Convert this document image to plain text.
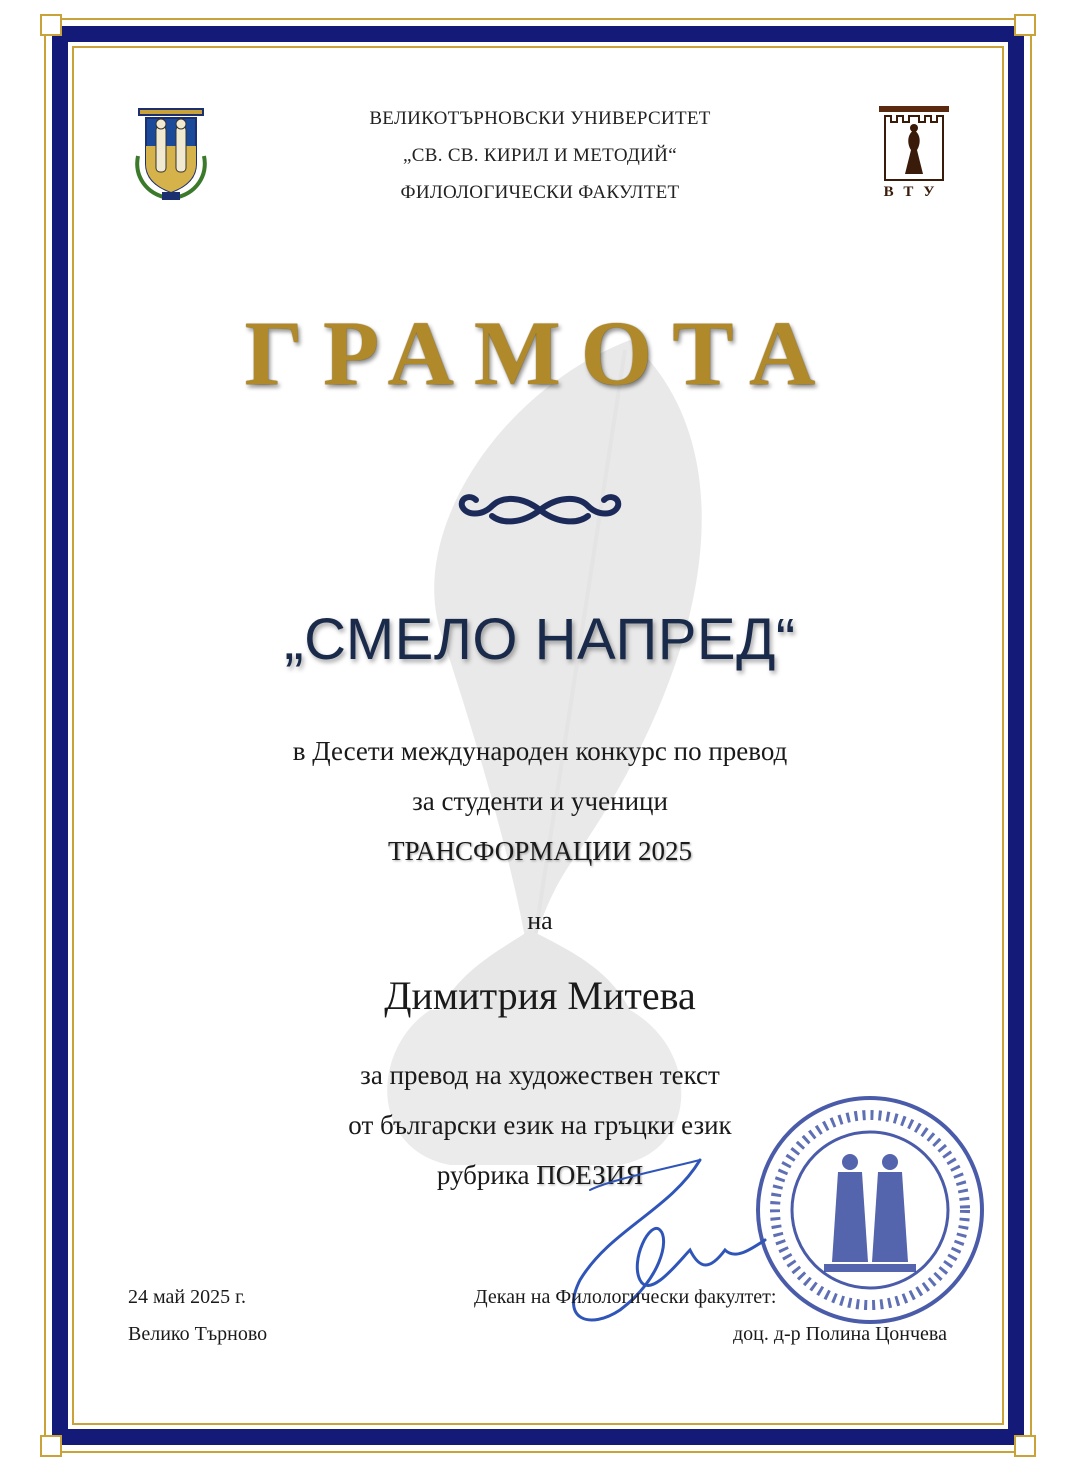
ВЕЛИКОТЪРНОВСКИ УНИВЕРСИТЕТ
„СВ. СВ. КИРИЛ И МЕТОДИЙ“
ФИЛОЛОГИЧЕСКИ ФАКУЛТЕТ	ВТУ
ГРАМОТА
„СМЕЛО НАПРЕД“
в Десети международен конкурс по превод
за студенти и ученици
ТРАНСФОРМАЦИИ 2025
на
Димитрия Митева
за превод на художествен текст
от български език на гръцки език
рубрика ПОЕЗИЯ
24 май 2025 г.
Велико Търново
Декан на Филологически факултет:
доц. д-р Полина Цончева
